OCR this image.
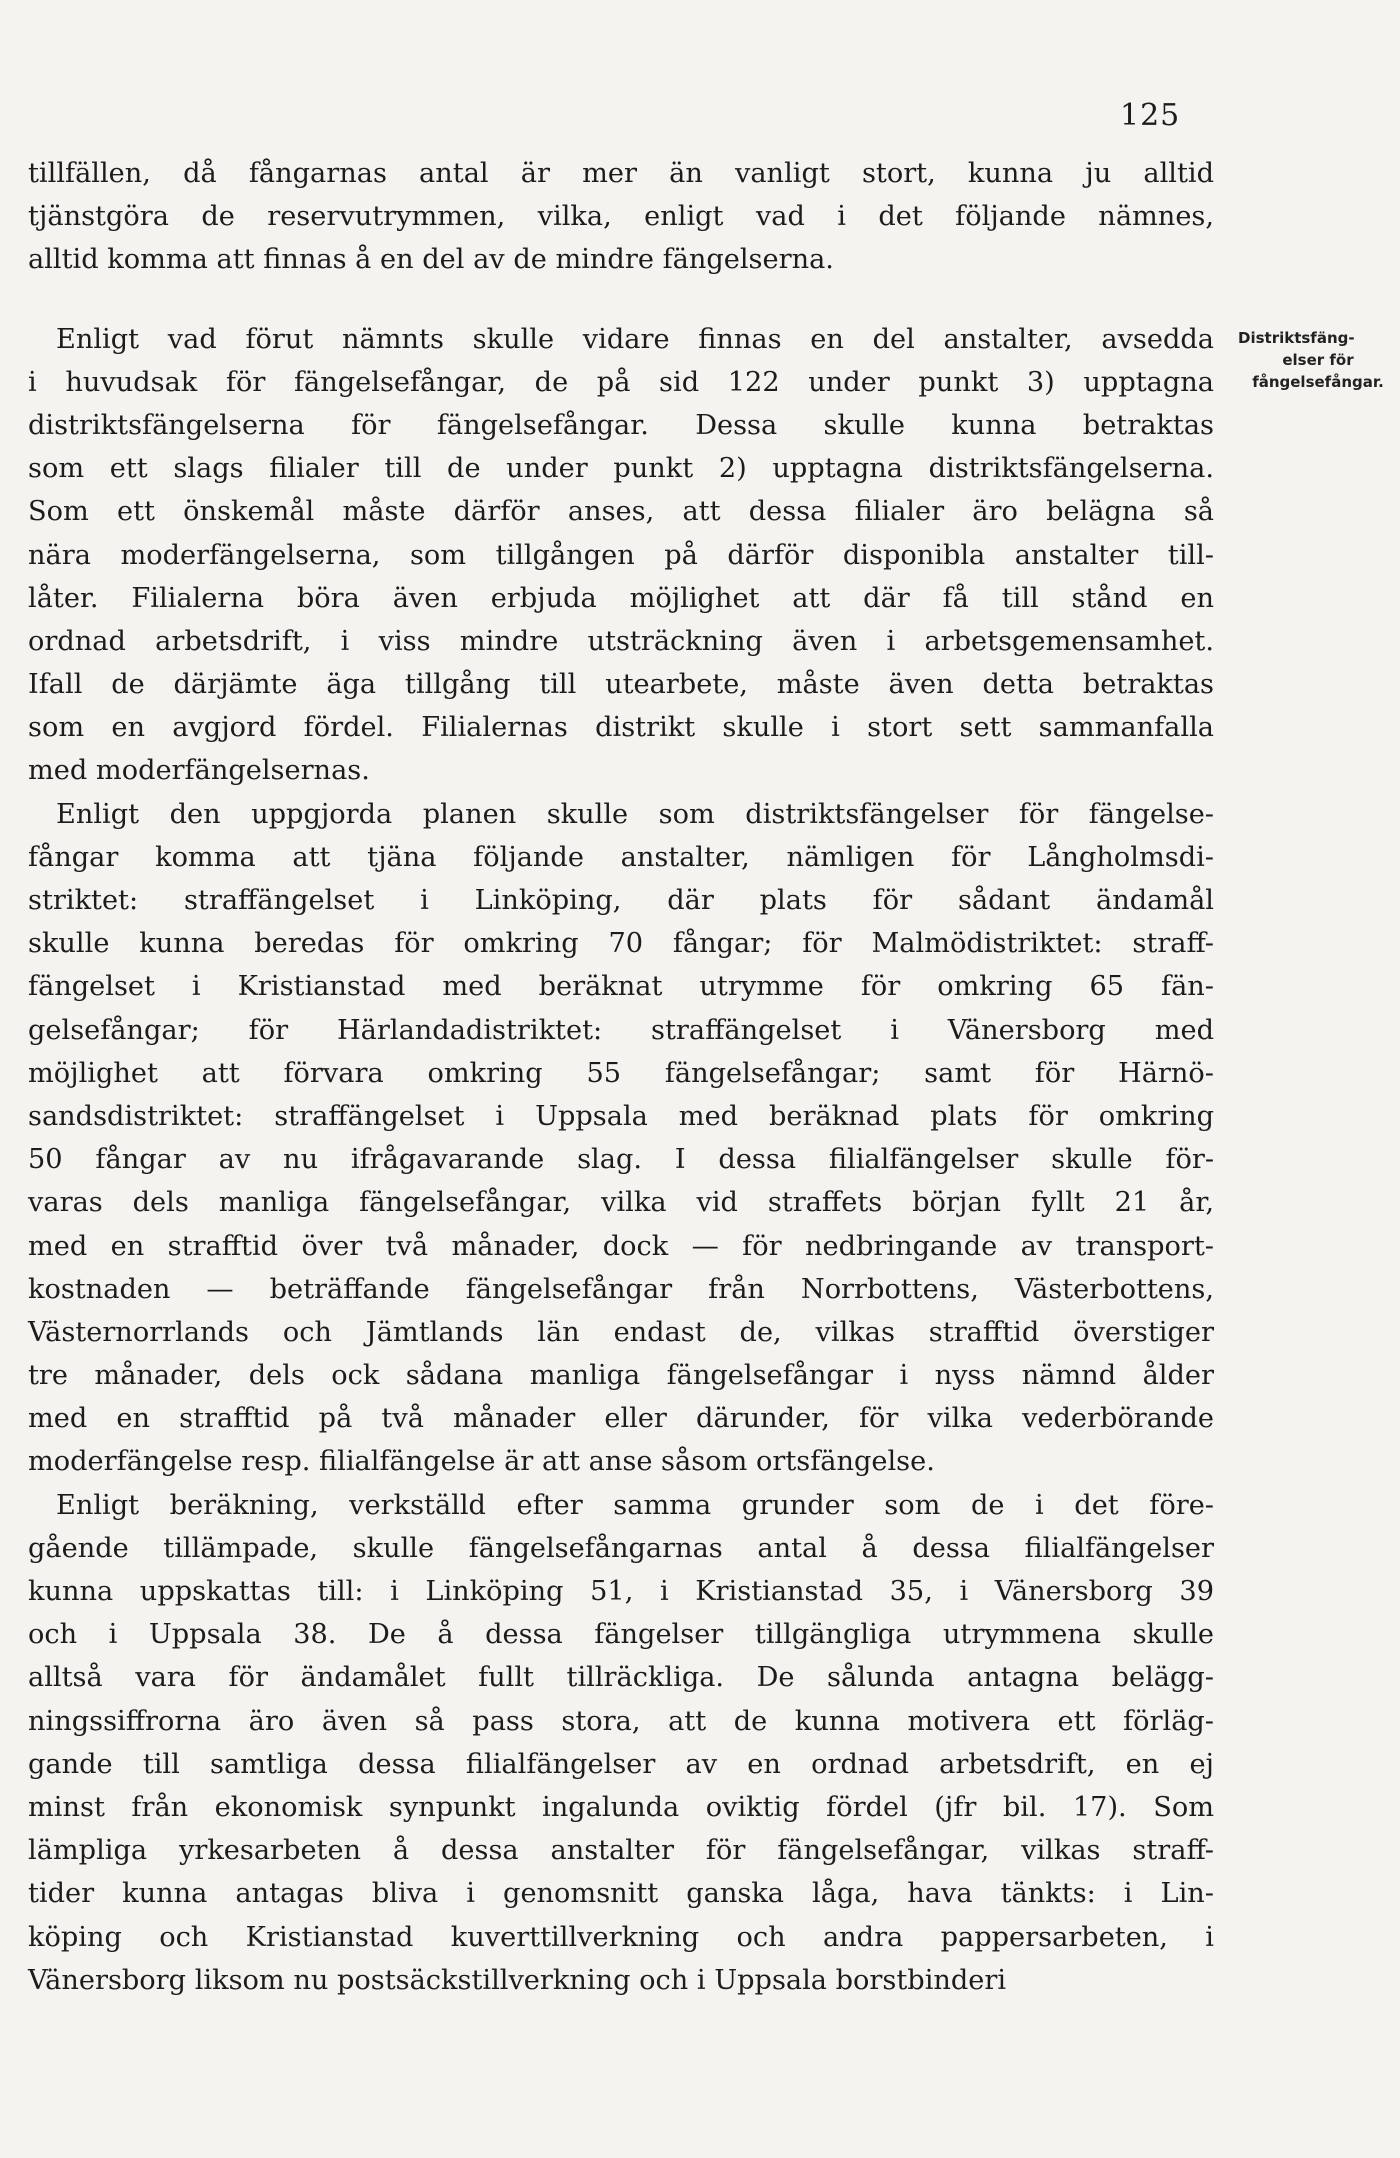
125
Distriktsfäng-
elser för
fångelsefångar.
tillfällen, då fångarnas antal är mer än vanligt stort, kunna ju alltid
tjänstgöra de reservutrymmen, vilka, enligt vad i det följande nämnes,
alltid komma att finnas å en del av de mindre fängelserna.
Enligt vad förut nämnts skulle vidare finnas en del anstalter, avsedda
i huvudsak för fängelsefångar, de på sid 122 under punkt 3) upptagna
distriktsfängelserna för fängelsefångar. Dessa skulle kunna betraktas
som ett slags filialer till de under punkt 2) upptagna distriktsfängelserna.
Som ett önskemål måste därför anses, att dessa filialer äro belägna så
nära moderfängelserna, som tillgången på därför disponibla anstalter till-
låter. Filialerna böra även erbjuda möjlighet att där få till stånd en
ordnad arbetsdrift, i viss mindre utsträckning även i arbetsgemensamhet.
Ifall de därjämte äga tillgång till utearbete, måste även detta betraktas
som en avgjord fördel. Filialernas distrikt skulle i stort sett sammanfalla
med moderfängelsernas.
Enligt den uppgjorda planen skulle som distriktsfängelser för fängelse-
fångar komma att tjäna följande anstalter, nämligen för Långholmsdi-
striktet: straffängelset i Linköping, där plats för sådant ändamål
skulle kunna beredas för omkring 70 fångar; för Malmödistriktet: straff-
fängelset i Kristianstad med beräknat utrymme för omkring 65 fän-
gelsefångar; för Härlandadistriktet: straffängelset i Vänersborg med
möjlighet att förvara omkring 55 fängelsefångar; samt för Härnö-
sandsdistriktet: straffängelset i Uppsala med beräknad plats för omkring
50 fångar av nu ifrågavarande slag. I dessa filialfängelser skulle för-
varas dels manliga fängelsefångar, vilka vid straffets början fyllt 21 år,
med en strafftid över två månader, dock — för nedbringande av transport-
kostnaden — beträffande fängelsefångar från Norrbottens, Västerbottens,
Västernorrlands och Jämtlands län endast de, vilkas strafftid överstiger
tre månader, dels ock sådana manliga fängelsefångar i nyss nämnd ålder
med en strafftid på två månader eller därunder, för vilka vederbörande
moderfängelse resp. filialfängelse är att anse såsom ortsfängelse.
Enligt beräkning, verkställd efter samma grunder som de i det före-
gående tillämpade, skulle fängelsefångarnas antal å dessa filialfängelser
kunna uppskattas till: i Linköping 51, i Kristianstad 35, i Vänersborg 39
och i Uppsala 38. De å dessa fängelser tillgängliga utrymmena skulle
alltså vara för ändamålet fullt tillräckliga. De sålunda antagna belägg-
ningssiffrorna äro även så pass stora, att de kunna motivera ett förläg-
gande till samtliga dessa filialfängelser av en ordnad arbetsdrift, en ej
minst från ekonomisk synpunkt ingalunda oviktig fördel (jfr bil. 17). Som
lämpliga yrkesarbeten å dessa anstalter för fängelsefångar, vilkas straff-
tider kunna antagas bliva i genomsnitt ganska låga, hava tänkts: i Lin-
köping och Kristianstad kuverttillverkning och andra pappersarbeten, i
Vänersborg liksom nu postsäckstillverkning och i Uppsala borstbinderi
